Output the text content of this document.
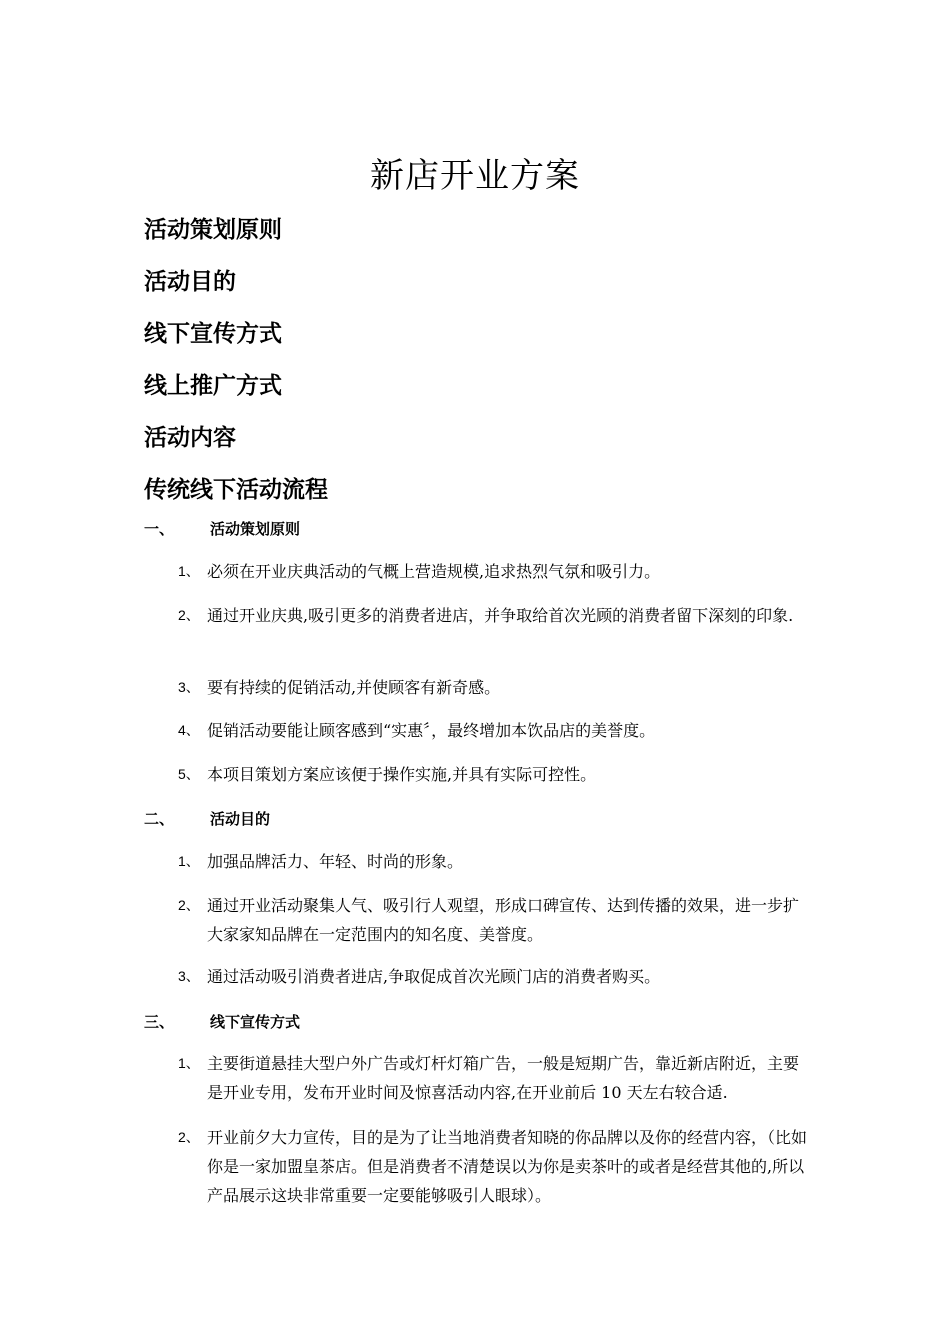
新店开业方案
活动策划原则
活动目的
线下宣传方式
线上推广方式
活动内容
传统线下活动流程
一、 活动策划原则
1、 必须在开业庆典活动的气概上营造规模,追求热烈气氛和吸引力。
2、 通过开业庆典,吸引更多的消费者进店，并争取给首次光顾的消费者留下深刻的印象.
3、 要有持续的促销活动,并使顾客有新奇感。
4、 促销活动要能让顾客感到“实惠〞，最终增加本饮品店的美誉度。
5、 本项目策划方案应该便于操作实施,并具有实际可控性。
二、 活动目的
1、 加强品牌活力、年轻、时尚的形象。
2、 通过开业活动聚集人气、吸引行人观望，形成口碑宣传、达到传播的效果，进一步扩大家家知品牌在一定范围内的知名度、美誉度。
3、 通过活动吸引消费者进店,争取促成首次光顾门店的消费者购买。
三、 线下宣传方式
1、 主要街道悬挂大型户外广告或灯杆灯箱广告，一般是短期广告，靠近新店附近，主要是开业专用，发布开业时间及惊喜活动内容,在开业前后 10 天左右较合适.
2、 开业前夕大力宣传，目的是为了让当地消费者知晓的你品牌以及你的经营内容，（比如你是一家加盟皇茶店。但是消费者不清楚误以为你是卖茶叶的或者是经营其他的,所以产品展示这块非常重要一定要能够吸引人眼球）。
